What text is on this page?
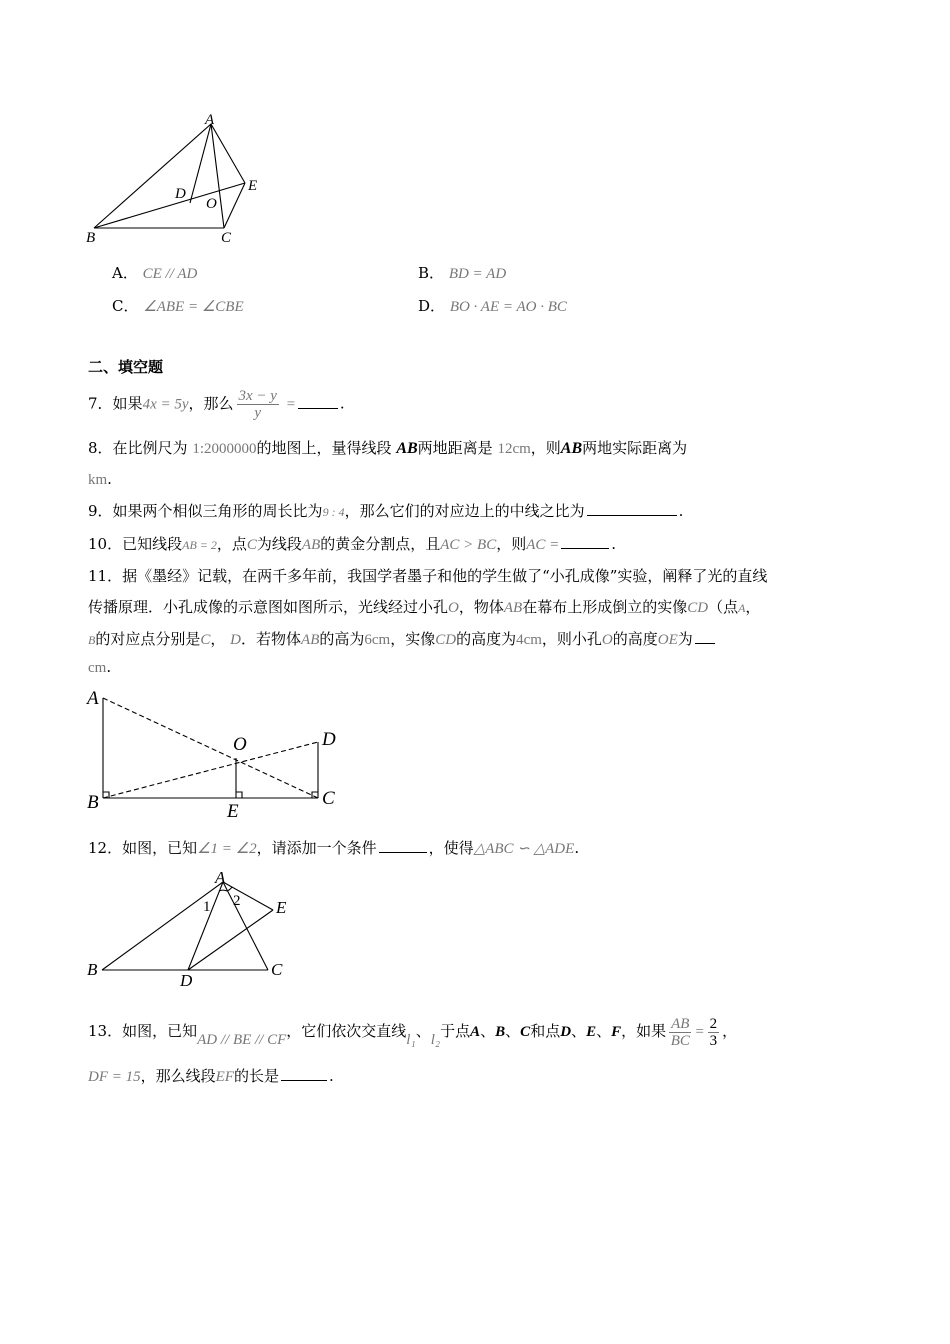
A
B	C
D	E
O
A． CE // AD	B． BD = AD
C． ∠ABE = ∠CBE	D． BO · AE = AO · BC
二、填空题
7．如果4x = 5y，那么 $\frac{3x - y}{y}$ =	.
8．在比例尺为 1:2000000的地图上，量得线段 AB两地距离是 12cm，则AB两地实际距离为
km.
9．如果两个相似三角形的周长比为9 : 4，那么它们的对应边上的中线之比为	.
10．已知线段AB = 2，点C为线段AB的黄金分割点，且AC > BC，则AC =	.
11．据《墨经》记载，在两千多年前，我国学者墨子和他的学生做了“小孔成像”实验，阐释了光的直线
传播原理．小孔成像的示意图如图所示，光线经过小孔O，物体AB在幕布上形成倒立的实像CD（点A，
B的对应点分别是C， D．若物体AB的高为6cm，实像CD的高度为4cm，则小孔O的高度OE为
cm.
A
B	C
D
E
O
12．如图，已知∠1 = ∠2，请添加一个条件	，使得△ABC ∽ △ADE.
A
B	C
D
E
1 2
13．如图，已知AD // BE // CF，它们依次交直线l₁、l₂于点A、B、C和点D、E、F，如果 $\frac{AB}{BC} = \frac{2}{3}$ ，
DF = 15，那么线段EF的长是	.
